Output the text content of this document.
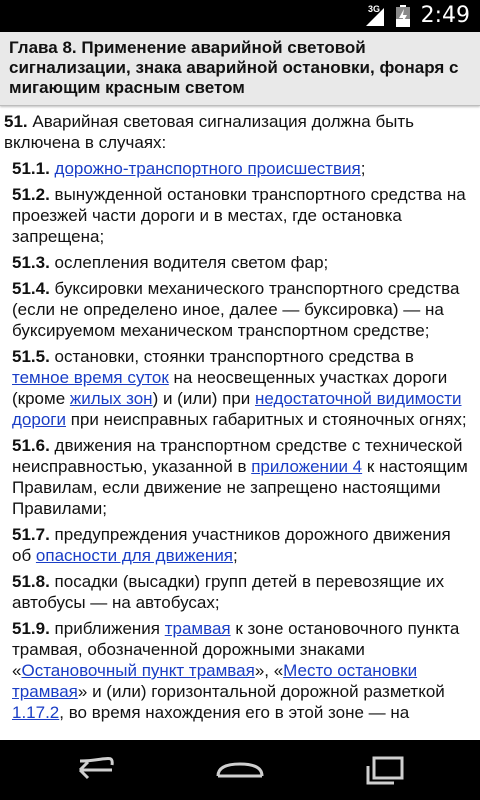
3G 2:49
Глава 8. Применение аварийной световой сигнализации, знака аварийной остановки, фонаря с мигающим красным светом

51. Аварийная световая сигнализация должна быть включена в случаях:

51.1. дорожно-транспортного происшествия;

51.2. вынужденной остановки транспортного средства на проезжей части дороги и в местах, где остановка запрещена;

51.3. ослепления водителя светом фар;

51.4. буксировки механического транспортного средства (если не определено иное, далее — буксировка) — на буксируемом механическом транспортном средстве;

51.5. остановки, стоянки транспортного средства в темное время суток на неосвещенных участках дороги (кроме жилых зон) и (или) при недостаточной видимости дороги при неисправных габаритных и стояночных огнях;

51.6. движения на транспортном средстве с технической неисправностью, указанной в приложении 4 к настоящим Правилам, если движение не запрещено настоящими Правилами;

51.7. предупреждения участников дорожного движения об опасности для движения;

51.8. посадки (высадки) групп детей в перевозящие их автобусы — на автобусах;

51.9. приближения трамвая к зоне остановочного пункта трамвая, обозначенной дорожными знаками «Остановочный пункт трамвая», «Место остановки трамвая» и (или) горизонтальной дорожной разметкой 1.17.2, во время нахождения его в этой зоне — на
